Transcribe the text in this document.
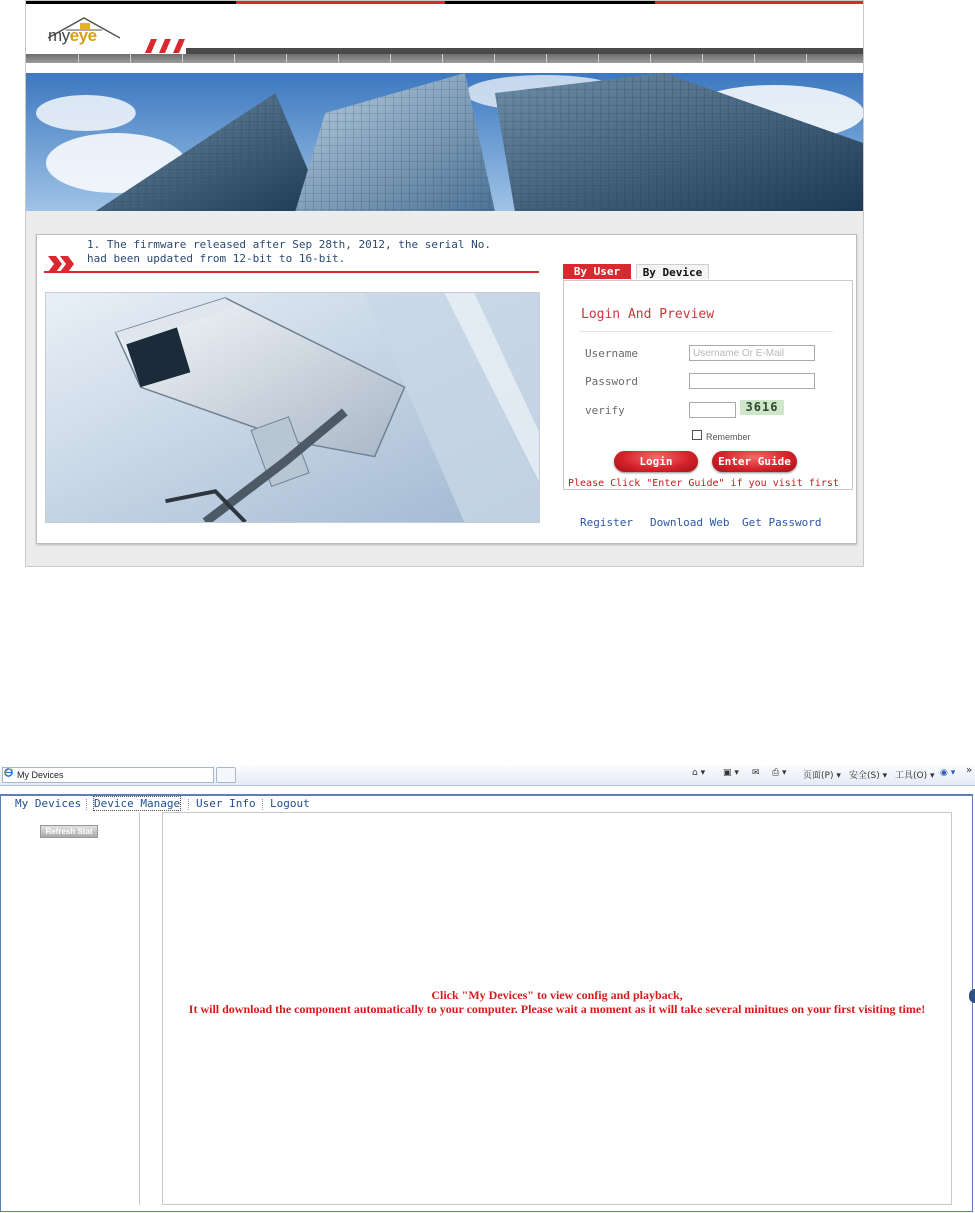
myeye
1. The firmware released after Sep 28th, 2012, the serial No.
had been updated from 12-bit to 16-bit.
By User	By Device
Login And Preview
Username
Username Or E-Mail
Password
verify	3616
Remember
Login	Enter Guide
Please Click "Enter Guide" if you visit first
Register Download Web Get Password
My Devices	⌂ ▾ ▣ ▾ ✉ ⎙ ▾ 页面(P) ▾ 安全(S) ▾ 工具(O) ▾ ◉ ▾ »
My Devices Device Manage User Info Logout
Refresh Stat
Click "My Devices" to view config and playback,
It will download the component automatically to your computer. Please wait a moment as it will take several minitues on your first visiting time!
